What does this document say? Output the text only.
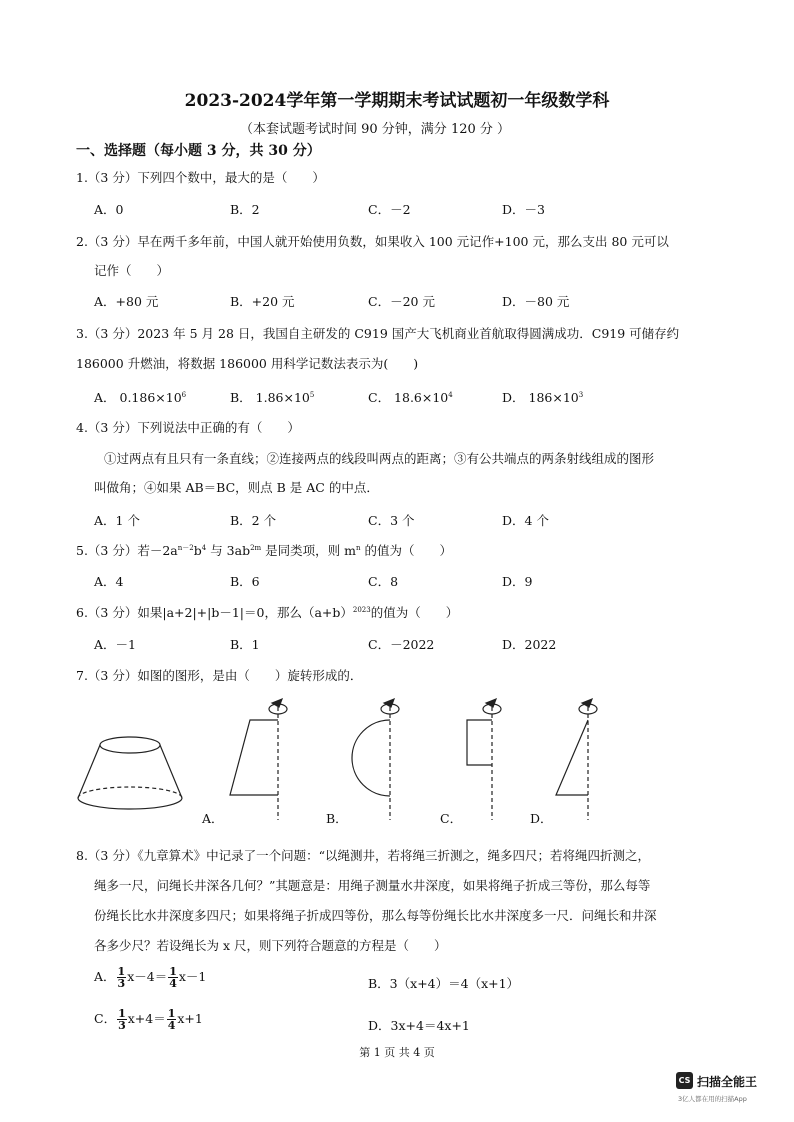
2023-2024学年第一学期期末考试试题初一年级数学科
（本套试题考试时间 90 分钟，满分 120 分 ）
一、选择题（每小题 3 分，共 30 分）
1.（3 分）下列四个数中，最大的是（　　）
A．0	B．2	C．－2	D．－3
2.（3 分）早在两千多年前，中国人就开始使用负数，如果收入 100 元记作+100 元，那么支出 80 元可以
记作（　　）
A．+80 元	B．+20 元	C．－20 元	D．－80 元
3.（3 分）2023 年 5 月 28 日，我国自主研发的 C919 国产大飞机商业首航取得圆满成功．C919 可储存约
186000 升燃油，将数据 186000 用科学记数法表示为(　　)
A． $0.186\times 10^6$	B． $1.86\times 10^5$	C． $18.6\times 10^4$	D． $186\times 10^3$
4.（3 分）下列说法中正确的有（　　）
①过两点有且只有一条直线；②连接两点的线段叫两点的距离；③有公共端点的两条射线组成的图形
叫做角；④如果 AB＝BC，则点 B 是 AC 的中点．
A．1 个	B．2 个	C．3 个	D．4 个
5.（3 分）若$-2a^{n-2}b^4$ 与 $3ab^{2m}$ 是同类项，则 $m^n$ 的值为（　　）
A．4	B．6	C．8	D．9
6.（3 分）如果|a+2|+|b－1|＝0，那么$(a+b)^{2023}$的值为（　　）
A．－1	B．1	C．－2022	D．2022
7.（3 分）如图的图形，是由（　　）旋转形成的．
A．	B．	C．	D．
8.（3 分）《九章算术》中记录了一个问题：“以绳测井，若将绳三折测之，绳多四尺；若将绳四折测之，
绳多一尺，问绳长井深各几何？”其题意是：用绳子测量水井深度，如果将绳子折成三等份，那么每等
份绳长比水井深度多四尺；如果将绳子折成四等份，那么每等份绳长比水井深度多一尺．问绳长和井深
各多少尺？若设绳长为 x 尺，则下列符合题意的方程是（　　）
A． $\frac{1}{3} x-4= \frac{1}{4} x-1$	B．3（x+4）＝4（x+1）
C． $\frac{1}{3} x+4= \frac{1}{4} x+1$	D．3x+4＝4x+1
第 1 页 共 4 页
CS 扫描全能王
3亿人都在用的扫描App
